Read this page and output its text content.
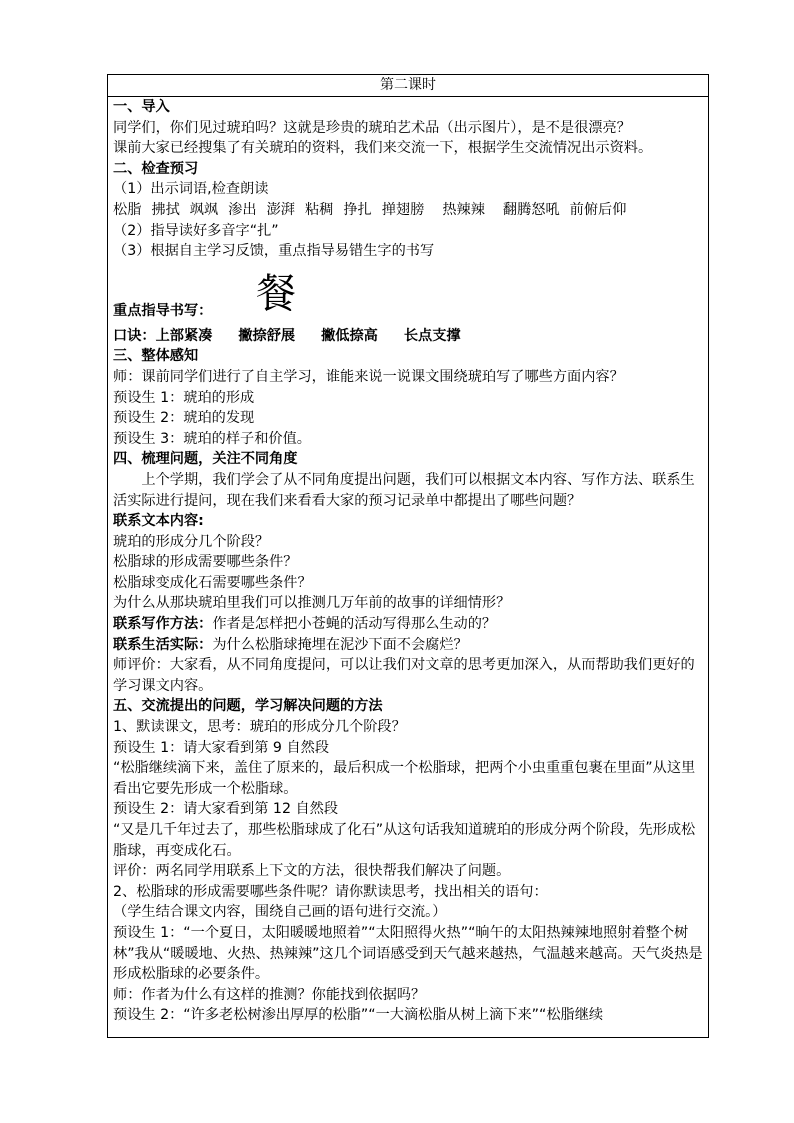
第二课时

一、导入

同学们，你们见过琥珀吗？这就是珍贵的琥珀艺术品（出示图片），是不是很漂亮？

课前大家已经搜集了有关琥珀的资料，我们来交流一下，根据学生交流情况出示资料。

二、检查预习

（1）出示词语,检查朗读

松脂 拂拭 飒飒 渗出 澎湃 粘稠 挣扎 掸翅膀 热辣辣 翻腾怒吼 前俯后仰

（2）指导读好多音字“扎”

（3）根据自主学习反馈，重点指导易错生字的书写

重点指导书写： 餐

口诀：上部紧凑 撇捺舒展 撇低捺高 长点支撑

三、整体感知

师：课前同学们进行了自主学习，谁能来说一说课文围绕琥珀写了哪些方面内容？

预设生 1：琥珀的形成

预设生 2：琥珀的发现

预设生 3：琥珀的样子和价值。

四、梳理问题，关注不同角度

上个学期，我们学会了从不同角度提出问题，我们可以根据文本内容、写作方法、联系生活实际进行提问，现在我们来看看大家的预习记录单中都提出了哪些问题？

联系文本内容:

琥珀的形成分几个阶段？

松脂球的形成需要哪些条件？

松脂球变成化石需要哪些条件？

为什么从那块琥珀里我们可以推测几万年前的故事的详细情形？

联系写作方法：作者是怎样把小苍蝇的活动写得那么生动的？

联系生活实际：为什么松脂球掩埋在泥沙下面不会腐烂？

师评价：大家看，从不同角度提问，可以让我们对文章的思考更加深入，从而帮助我们更好的学习课文内容。

五、交流提出的问题，学习解决问题的方法

1、默读课文，思考：琥珀的形成分几个阶段？

预设生 1：请大家看到第 9 自然段

“松脂继续滴下来，盖住了原来的，最后积成一个松脂球，把两个小虫重重包裹在里面”从这里看出它要先形成一个松脂球。

预设生 2：请大家看到第 12 自然段

“又是几千年过去了，那些松脂球成了化石”从这句话我知道琥珀的形成分两个阶段，先形成松脂球，再变成化石。

评价：两名同学用联系上下文的方法，很快帮我们解决了问题。

2、松脂球的形成需要哪些条件呢？请你默读思考，找出相关的语句：

（学生结合课文内容，围绕自己画的语句进行交流。）

预设生 1：“一个夏日，太阳暖暖地照着”“太阳照得火热”“晌午的太阳热辣辣地照射着整个树林”我从“暖暖地、火热、热辣辣”这几个词语感受到天气越来越热，气温越来越高。天气炎热是形成松脂球的必要条件。

师：作者为什么有这样的推测？你能找到依据吗？

预设生 2：“许多老松树渗出厚厚的松脂”“一大滴松脂从树上滴下来”“松脂继续
